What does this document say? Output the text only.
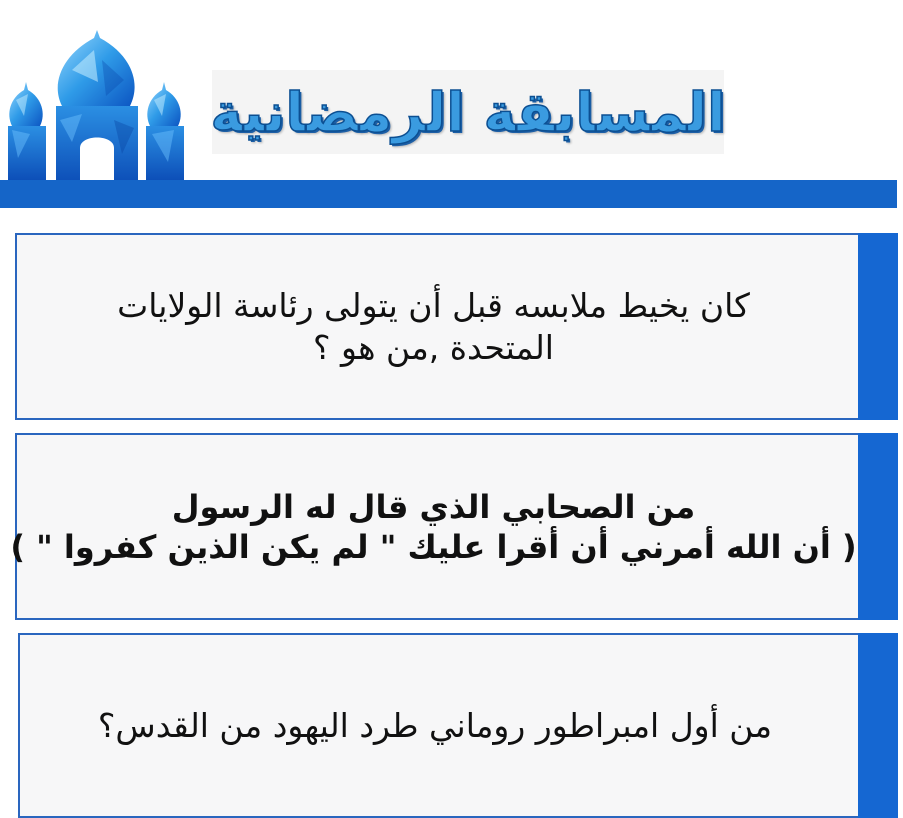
المسابقة الرمضانية
كان يخيط ملابسه قبل أن يتولى رئاسة الولايات
المتحدة ,من هو ؟
من الصحابي الذي قال له الرسول
( أن الله أمرني أن أقرا عليك " لم يكن الذين كفروا " )
من أول امبراطور روماني طرد اليهود من القدس؟
